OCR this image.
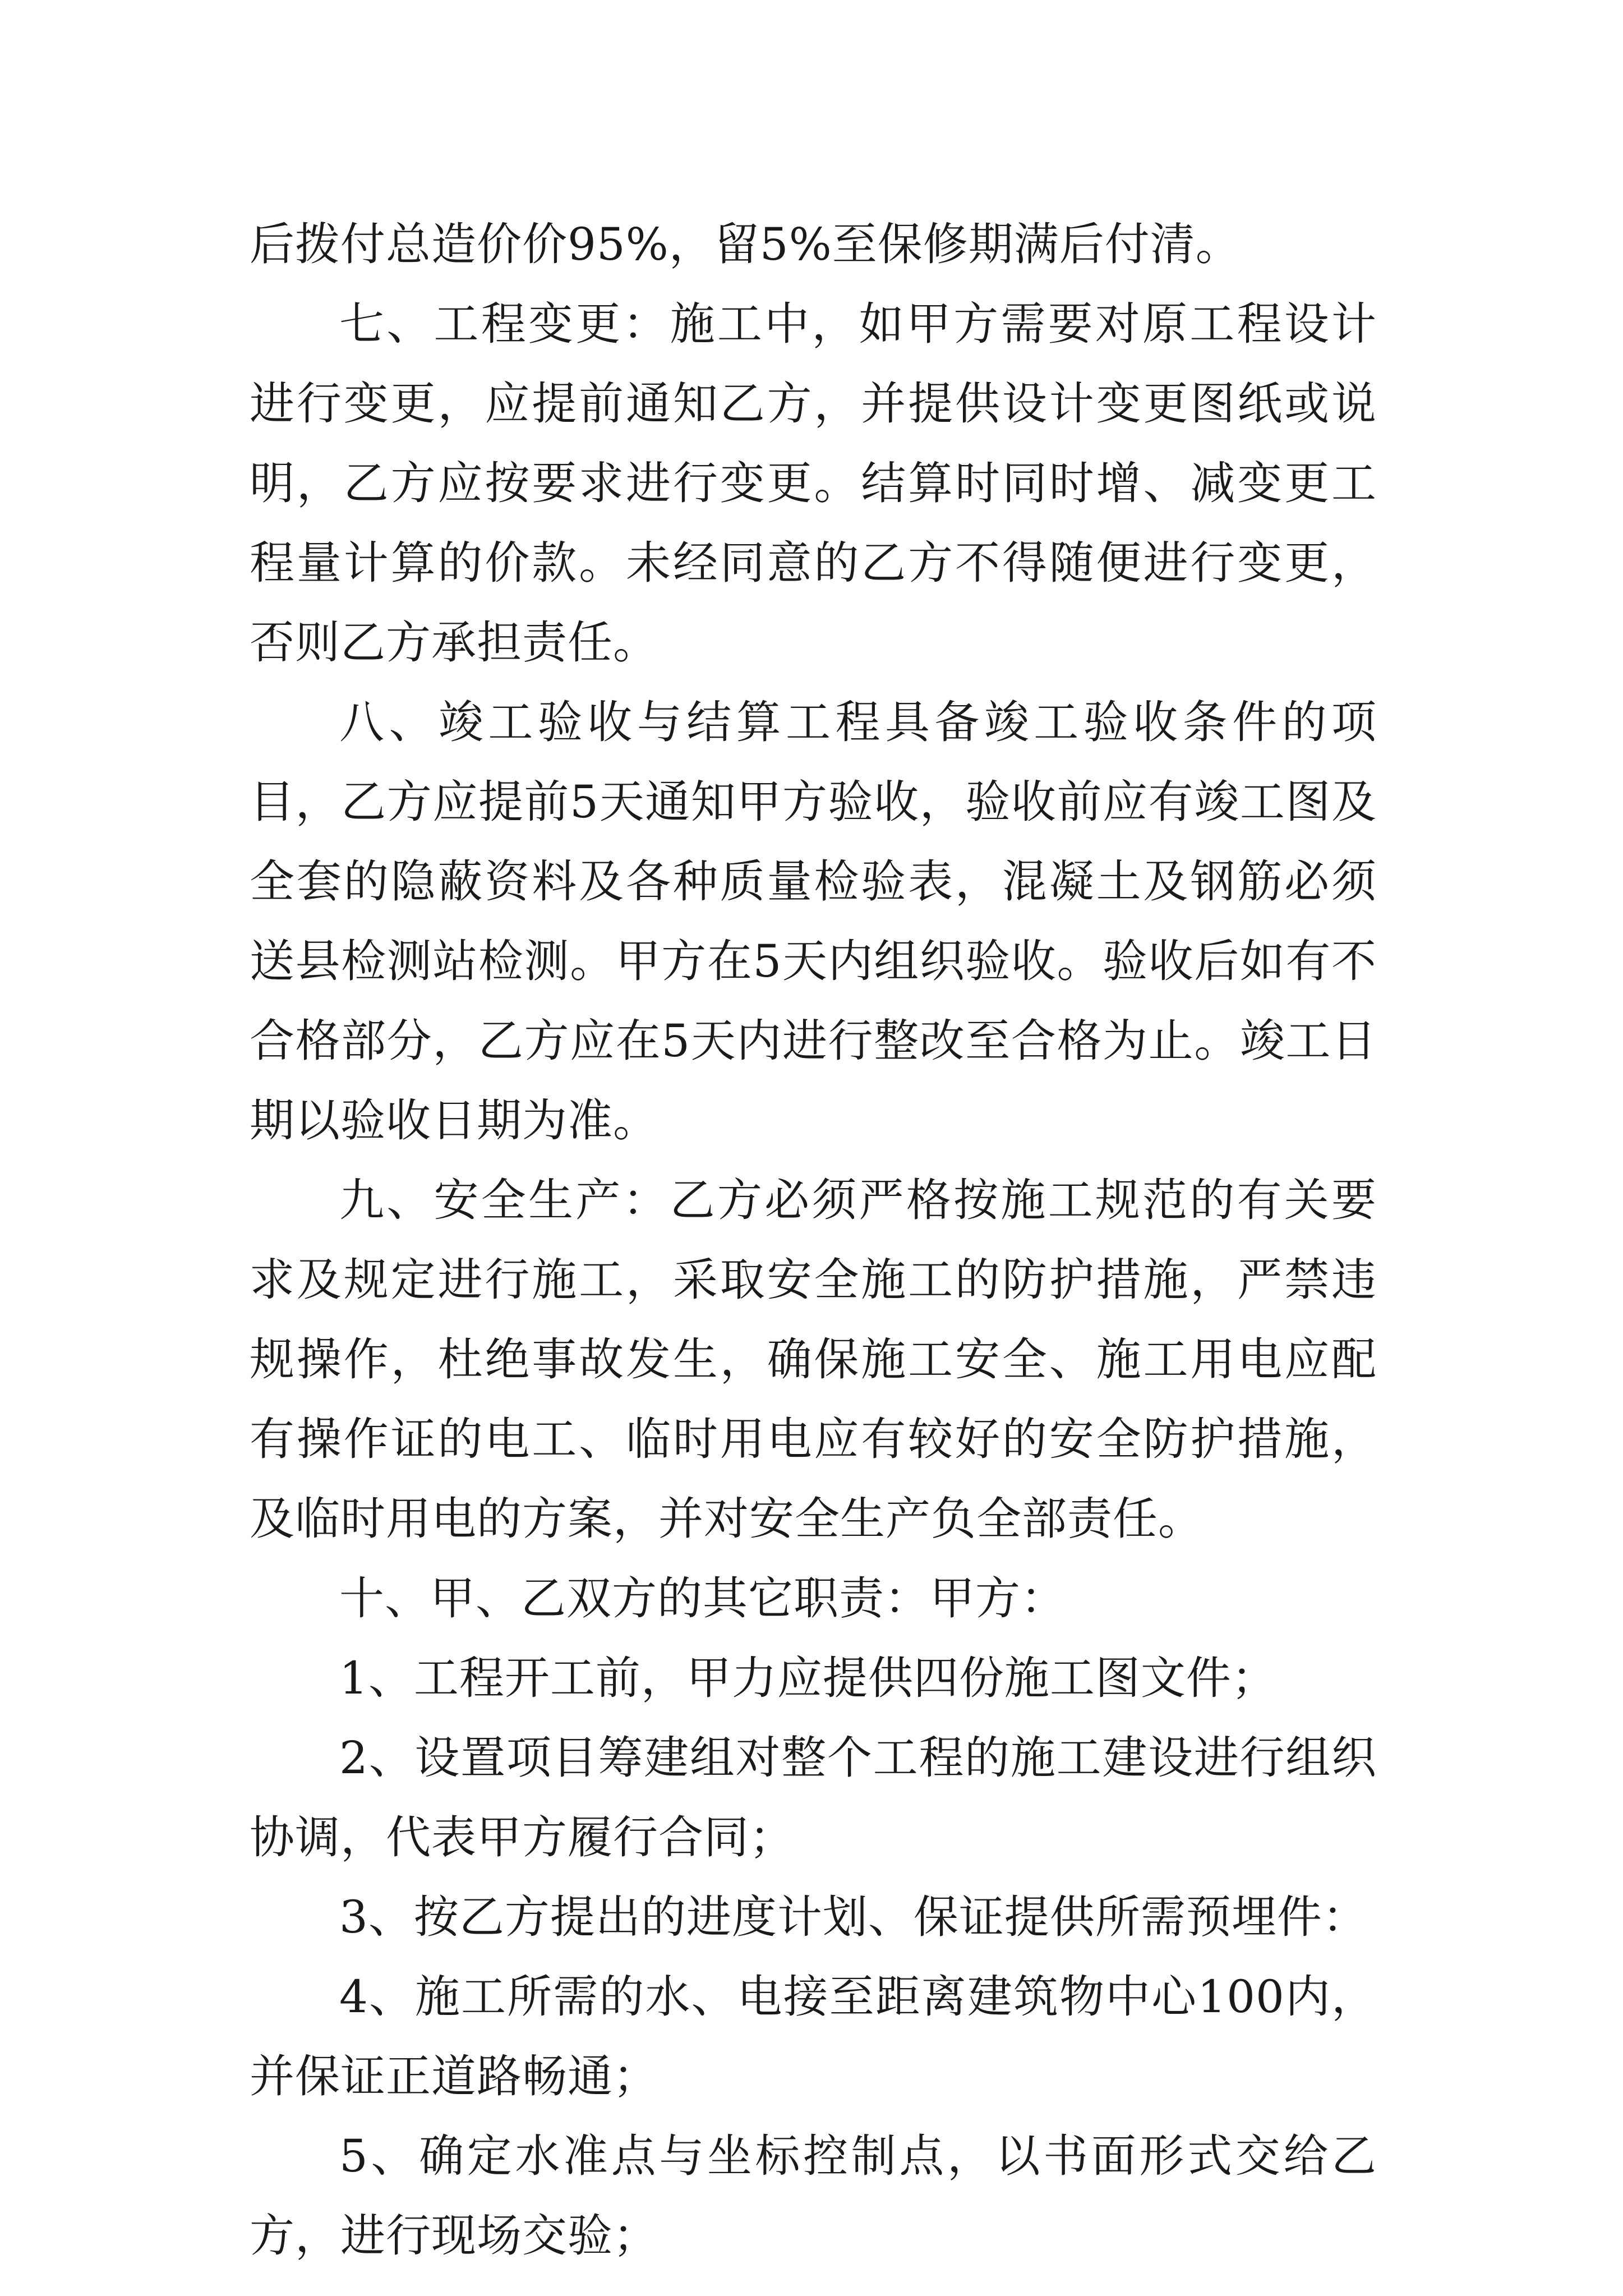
后拨付总造价价95%，留5%至保修期满后付清。

七、工程变更：施工中，如甲方需要对原工程设计进行变更，应提前通知乙方，并提供设计变更图纸或说明，乙方应按要求进行变更。结算时同时增、减变更工程量计算的价款。未经同意的乙方不得随便进行变更，否则乙方承担责任。

八、竣工验收与结算工程具备竣工验收条件的项目，乙方应提前5天通知甲方验收，验收前应有竣工图及全套的隐蔽资料及各种质量检验表，混凝土及钢筋必须送县检测站检测。甲方在5天内组织验收。验收后如有不合格部分，乙方应在5天内进行整改至合格为止。竣工日期以验收日期为准。

九、安全生产：乙方必须严格按施工规范的有关要求及规定进行施工，采取安全施工的防护措施，严禁违规操作，杜绝事故发生，确保施工安全、施工用电应配有操作证的电工、临时用电应有较好的安全防护措施，及临时用电的方案，并对安全生产负全部责任。

十、甲、乙双方的其它职责：甲方：

1、工程开工前，甲力应提供四份施工图文件；

2、设置项目筹建组对整个工程的施工建设进行组织协调，代表甲方履行合同；

3、按乙方提出的进度计划、保证提供所需预埋件：

4、施工所需的水、电接至距离建筑物中心100内，并保证正道路畅通；

5、确定水准点与坐标控制点，以书面形式交给乙方，进行现场交验；
